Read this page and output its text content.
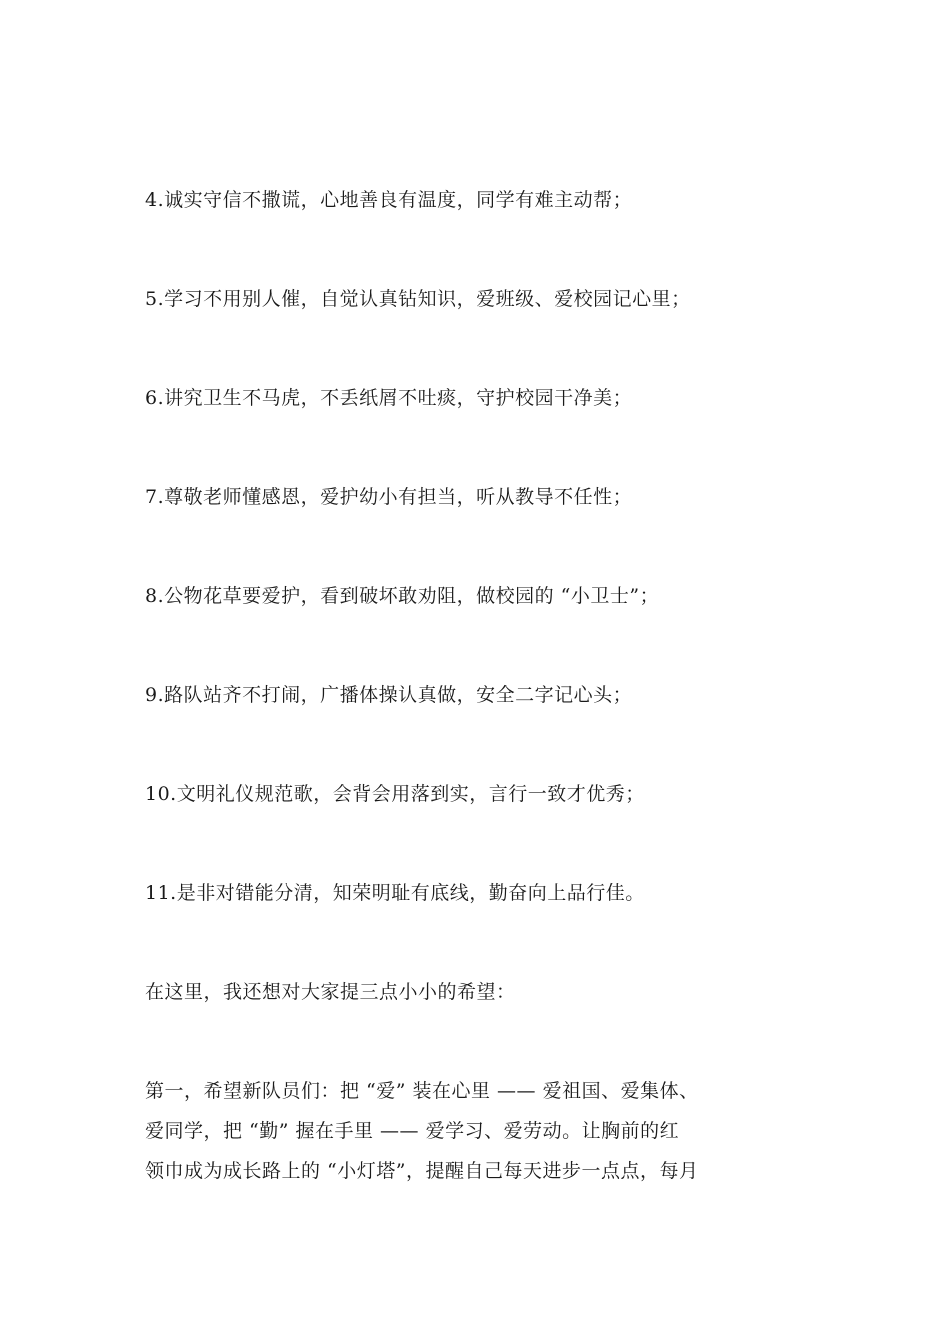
4.诚实守信不撒谎，心地善良有温度，同学有难主动帮；

5.学习不用别人催，自觉认真钻知识，爱班级、爱校园记心里；

6.讲究卫生不马虎，不丢纸屑不吐痰，守护校园干净美；

7.尊敬老师懂感恩，爱护幼小有担当，听从教导不任性；

8.公物花草要爱护，看到破坏敢劝阻，做校园的 “小卫士”；

9.路队站齐不打闹，广播体操认真做，安全二字记心头；

10.文明礼仪规范歌，会背会用落到实，言行一致才优秀；

11.是非对错能分清，知荣明耻有底线，勤奋向上品行佳。

在这里，我还想对大家提三点小小的希望：

第一，希望新队员们：把 “爱” 装在心里 —— 爱祖国、爱集体、

爱同学，把 “勤” 握在手里 —— 爱学习、爱劳动。让胸前的红

领巾成为成长路上的 “小灯塔”，提醒自己每天进步一点点，每月
